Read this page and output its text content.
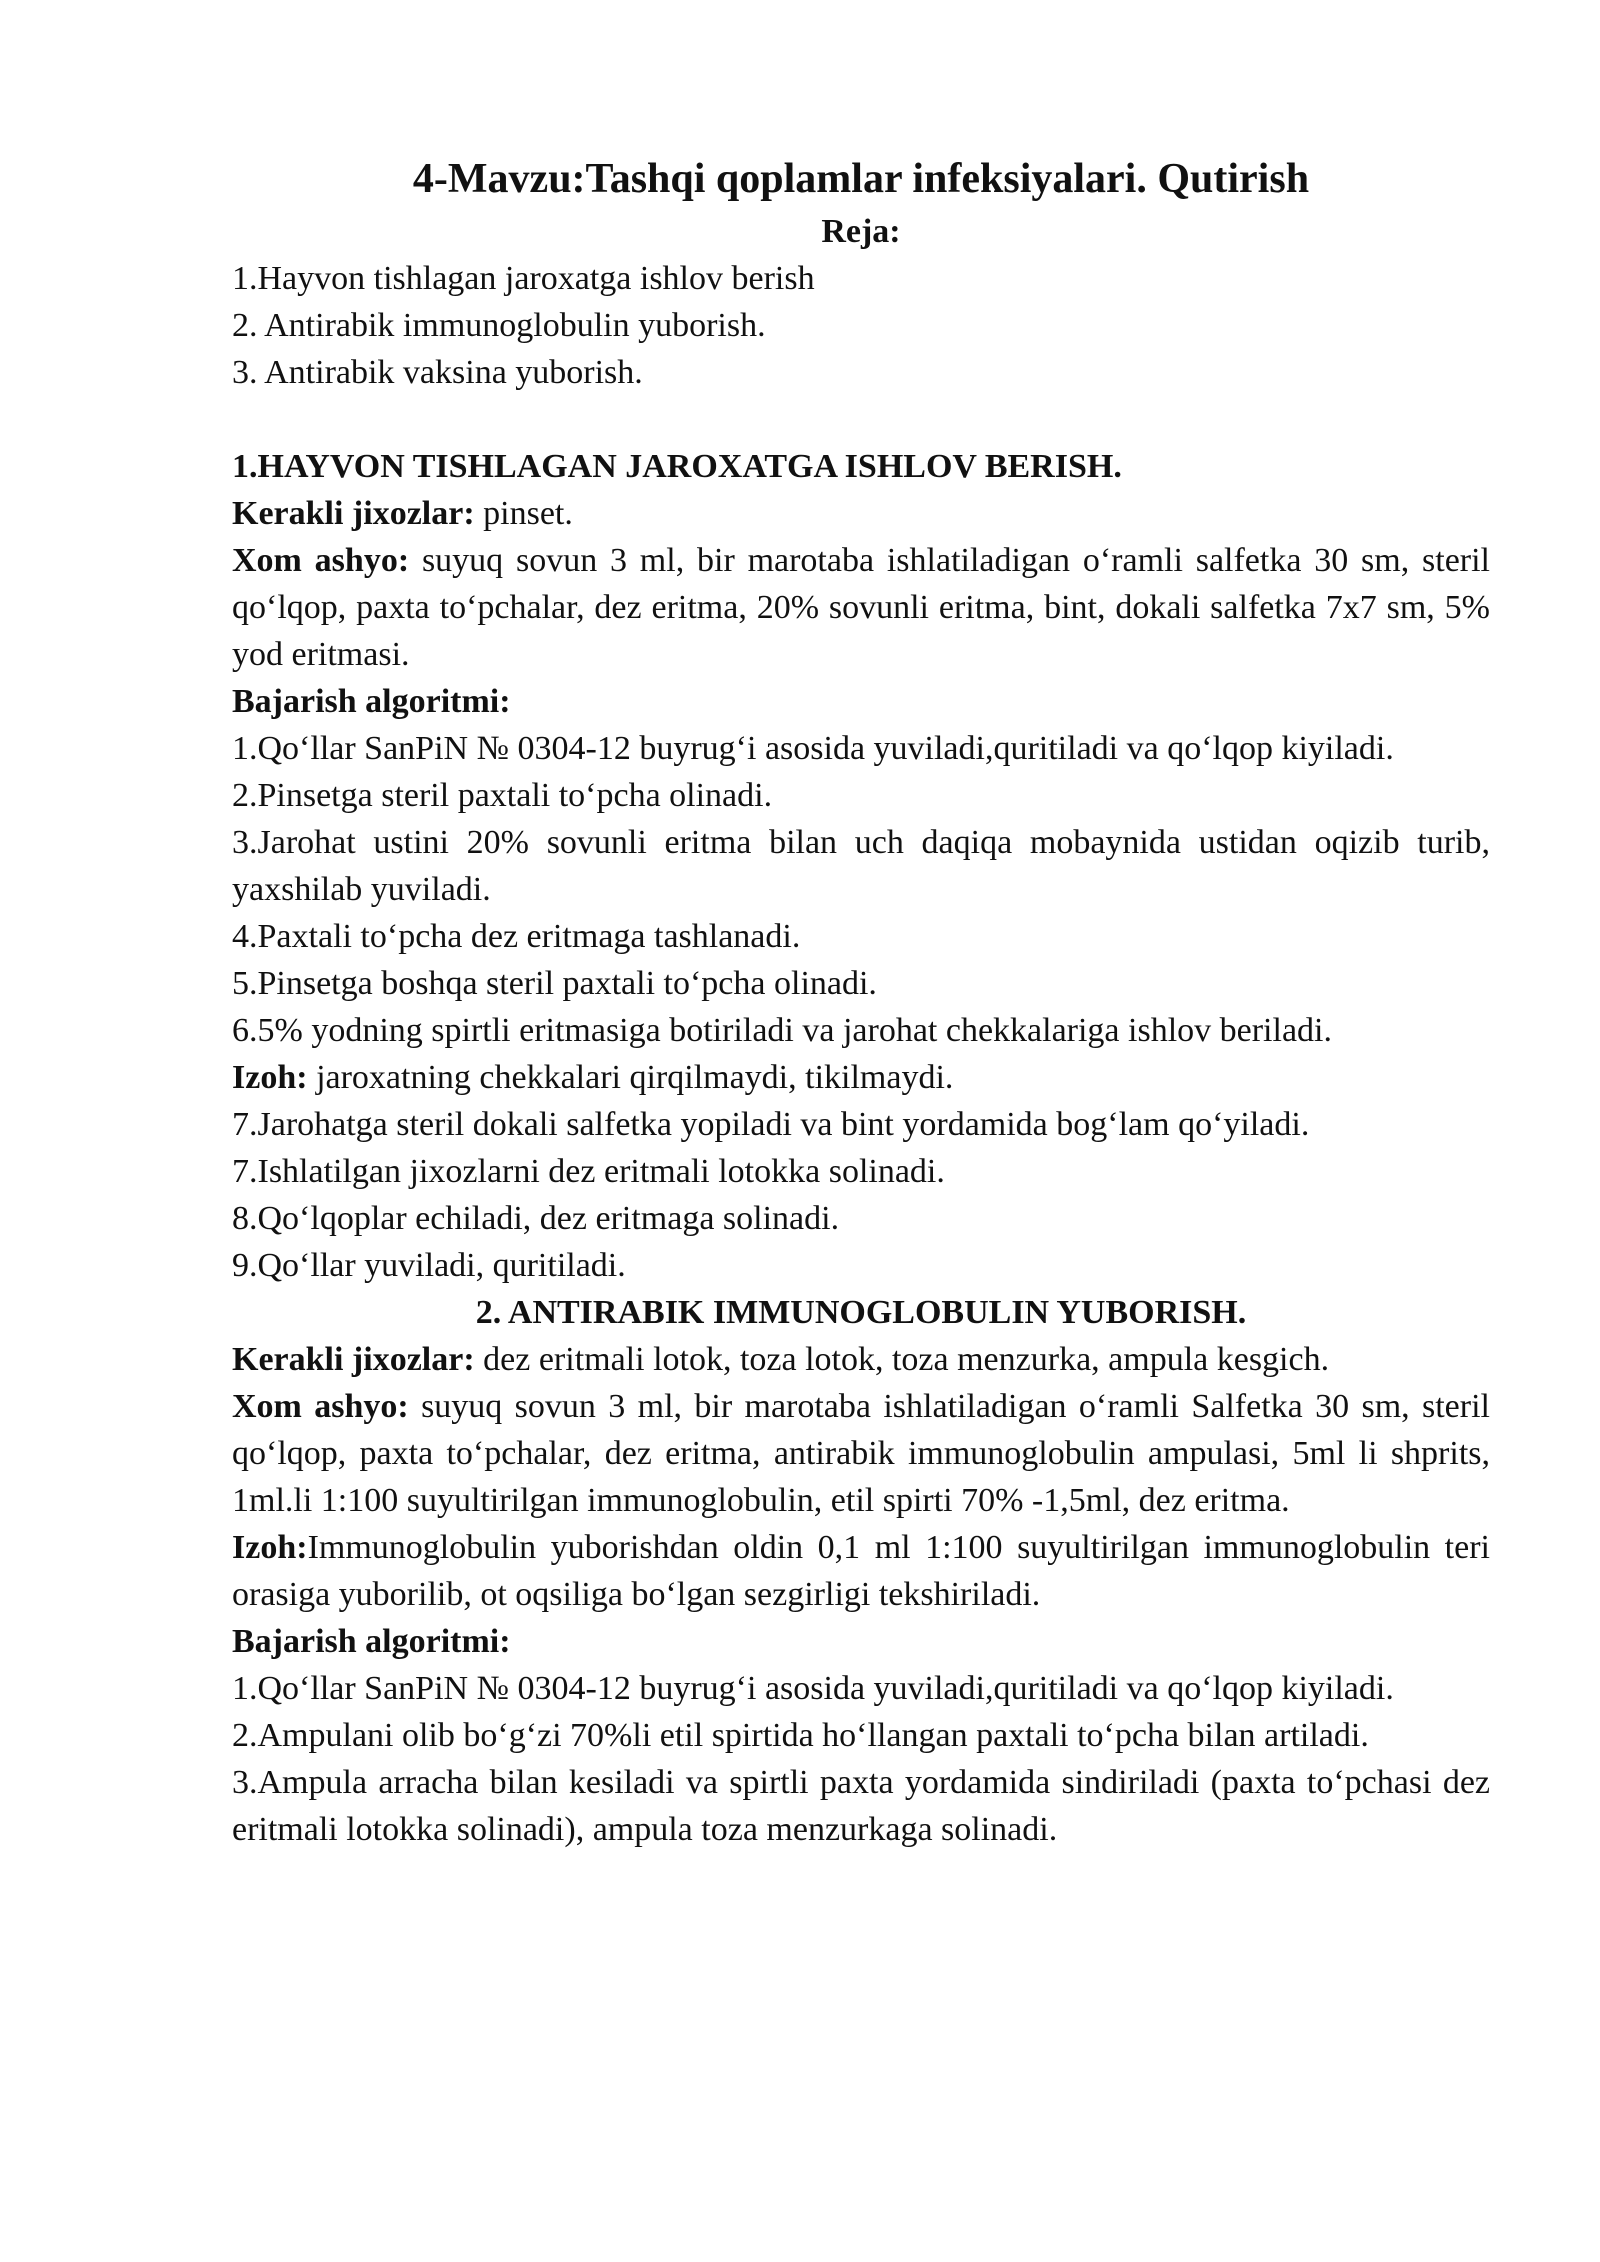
4-Mavzu:Tashqi qoplamlar infeksiyalari. Qutirish

Reja:

1.Hayvon tishlagan jaroxatga ishlov berish

2. Antirabik immunoglobulin yuborish.

3. Antirabik vaksina yuborish.

1.HAYVON TISHLAGAN JAROXATGA ISHLOV BERISH.

Kerakli jixozlar: pinset.

Xom ashyo: suyuq sovun 3 ml, bir marotaba ishlatiladigan o‘ramli salfetka 30 sm, steril qo‘lqop, paxta to‘pchalar, dez eritma, 20% sovunli eritma, bint, dokali salfetka 7x7 sm, 5% yod eritmasi.

Bajarish algoritmi:

1.Qo‘llar SanPiN № 0304-12 buyrug‘i asosida yuviladi,quritiladi va qo‘lqop kiyiladi.

2.Pinsetga steril paxtali to‘pcha olinadi.

3.Jarohat ustini 20% sovunli eritma bilan uch daqiqa mobaynida ustidan oqizib turib, yaxshilab yuviladi.

4.Paxtali to‘pcha dez eritmaga tashlanadi.

5.Pinsetga boshqa steril paxtali to‘pcha olinadi.

6.5% yodning spirtli eritmasiga botiriladi va jarohat chekkalariga ishlov beriladi.

Izoh: jaroxatning chekkalari qirqilmaydi, tikilmaydi.

7.Jarohatga steril dokali salfetka yopiladi va bint yordamida bog‘lam qo‘yiladi.

7.Ishlatilgan jixozlarni dez eritmali lotokka solinadi.

8.Qo‘lqoplar echiladi, dez eritmaga solinadi.

9.Qo‘llar yuviladi, quritiladi.

2. ANTIRABIK IMMUNOGLOBULIN YUBORISH.

Kerakli jixozlar: dez eritmali lotok, toza lotok, toza menzurka, ampula kesgich.

Xom ashyo: suyuq sovun 3 ml, bir marotaba ishlatiladigan o‘ramli Salfetka 30 sm, steril qo‘lqop, paxta to‘pchalar, dez eritma, antirabik immunoglobulin ampulasi, 5ml li shprits, 1ml.li 1:100 suyultirilgan immunoglobulin, etil spirti 70% -1,5ml, dez eritma.

Izoh:Immunoglobulin yuborishdan oldin 0,1 ml 1:100 suyultirilgan immunoglobulin teri orasiga yuborilib, ot oqsiliga bo‘lgan sezgirligi tekshiriladi.

Bajarish algoritmi:

1.Qo‘llar SanPiN № 0304-12 buyrug‘i asosida yuviladi,quritiladi va qo‘lqop kiyiladi.

2.Ampulani olib bo‘g‘zi 70%li etil spirtida ho‘llangan paxtali to‘pcha bilan artiladi.

3.Ampula arracha bilan kesiladi va spirtli paxta yordamida sindiriladi (paxta to‘pchasi dez eritmali lotokka solinadi), ampula toza menzurkaga solinadi.
